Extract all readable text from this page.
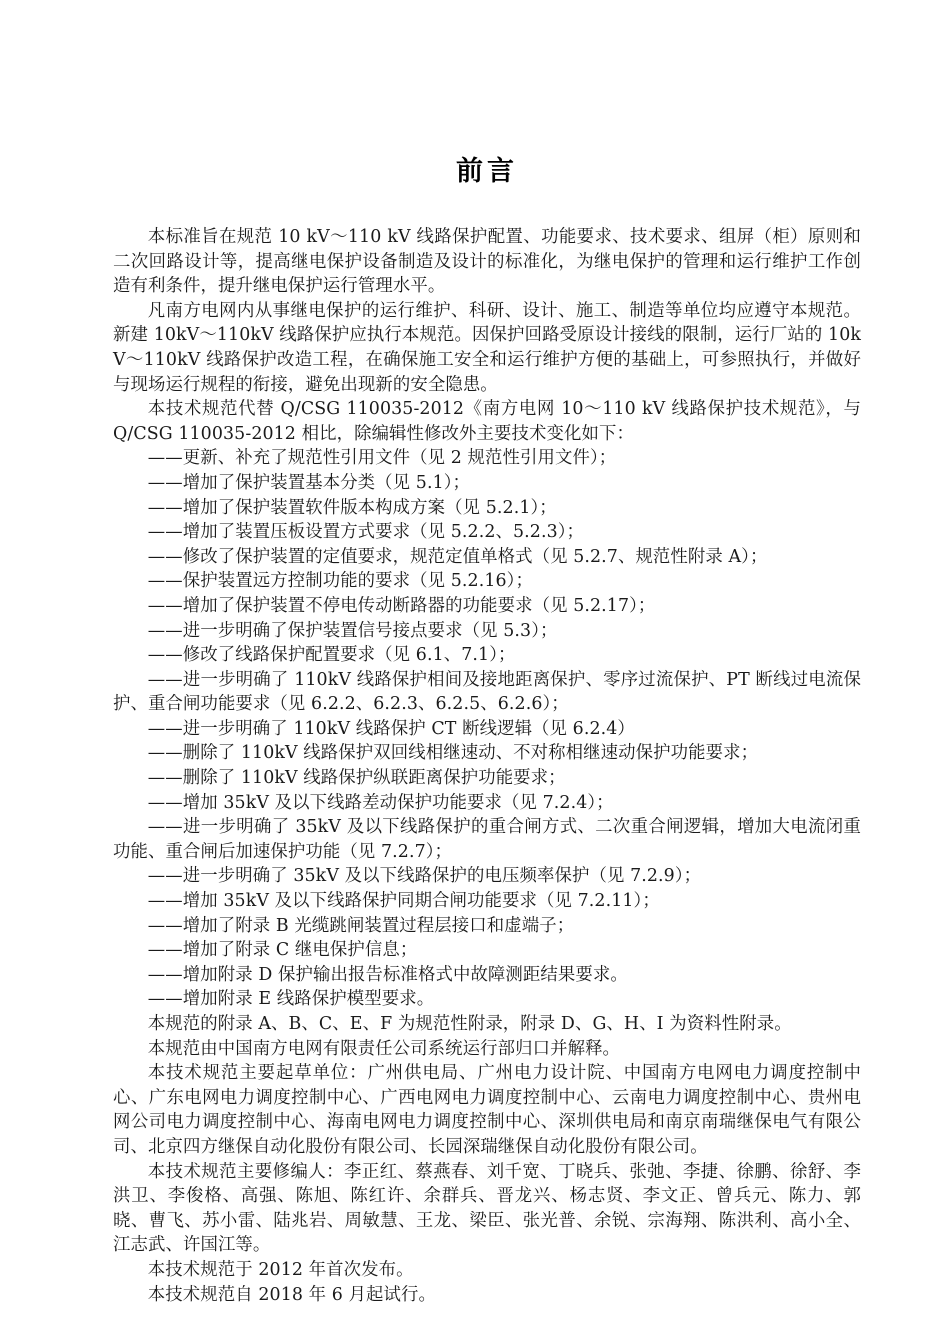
前言

本标准旨在规范 10 kV～110 kV 线路保护配置、功能要求、技术要求、组屏（柜）原则和二次回路设计等，提高继电保护设备制造及设计的标准化，为继电保护的管理和运行维护工作创造有利条件，提升继电保护运行管理水平。

凡南方电网内从事继电保护的运行维护、科研、设计、施工、制造等单位均应遵守本规范。新建 10kV～110kV 线路保护应执行本规范。因保护回路受原设计接线的限制，运行厂站的 10kV～110kV 线路保护改造工程，在确保施工安全和运行维护方便的基础上，可参照执行，并做好与现场运行规程的衔接，避免出现新的安全隐患。

本技术规范代替 Q/CSG 110035-2012《南方电网 10～110 kV 线路保护技术规范》，与 Q/CSG 110035-2012 相比，除编辑性修改外主要技术变化如下：

——更新、补充了规范性引用文件（见 2 规范性引用文件）；

——增加了保护装置基本分类（见 5.1）；

——增加了保护装置软件版本构成方案（见 5.2.1）；

——增加了装置压板设置方式要求（见 5.2.2、5.2.3）；

——修改了保护装置的定值要求，规范定值单格式（见 5.2.7、规范性附录 A）；

——保护装置远方控制功能的要求（见 5.2.16）；

——增加了保护装置不停电传动断路器的功能要求（见 5.2.17）；

——进一步明确了保护装置信号接点要求（见 5.3）；

——修改了线路保护配置要求（见 6.1、7.1）；

——进一步明确了 110kV 线路保护相间及接地距离保护、零序过流保护、PT 断线过电流保护、重合闸功能要求（见 6.2.2、6.2.3、6.2.5、6.2.6）；

——进一步明确了 110kV 线路保护 CT 断线逻辑（见 6.2.4）

——删除了 110kV 线路保护双回线相继速动、不对称相继速动保护功能要求；

——删除了 110kV 线路保护纵联距离保护功能要求；

——增加 35kV 及以下线路差动保护功能要求（见 7.2.4）；

——进一步明确了 35kV 及以下线路保护的重合闸方式、二次重合闸逻辑，增加大电流闭重功能、重合闸后加速保护功能（见 7.2.7）；

——进一步明确了 35kV 及以下线路保护的电压频率保护（见 7.2.9）；

——增加 35kV 及以下线路保护同期合闸功能要求（见 7.2.11）；

——增加了附录 B 光缆跳闸装置过程层接口和虚端子；

——增加了附录 C 继电保护信息；

——增加附录 D 保护输出报告标准格式中故障测距结果要求。

——增加附录 E 线路保护模型要求。

本规范的附录 A、B、C、E、F 为规范性附录，附录 D、G、H、I 为资料性附录。

本规范由中国南方电网有限责任公司系统运行部归口并解释。

本技术规范主要起草单位：广州供电局、广州电力设计院、中国南方电网电力调度控制中心、广东电网电力调度控制中心、广西电网电力调度控制中心、云南电力调度控制中心、贵州电网公司电力调度控制中心、海南电网电力调度控制中心、深圳供电局和南京南瑞继保电气有限公司、北京四方继保自动化股份有限公司、长园深瑞继保自动化股份有限公司。

本技术规范主要修编人：李正红、蔡燕春、刘千宽、丁晓兵、张弛、李捷、徐鹏、徐舒、李洪卫、李俊格、高强、陈旭、陈红许、余群兵、晋龙兴、杨志贤、李文正、曾兵元、陈力、郭晓、曹飞、苏小雷、陆兆岩、周敏慧、王龙、梁臣、张光普、余锐、宗海翔、陈洪利、高小全、江志武、许国江等。

本技术规范于 2012 年首次发布。

本技术规范自 2018 年 6 月起试行。
